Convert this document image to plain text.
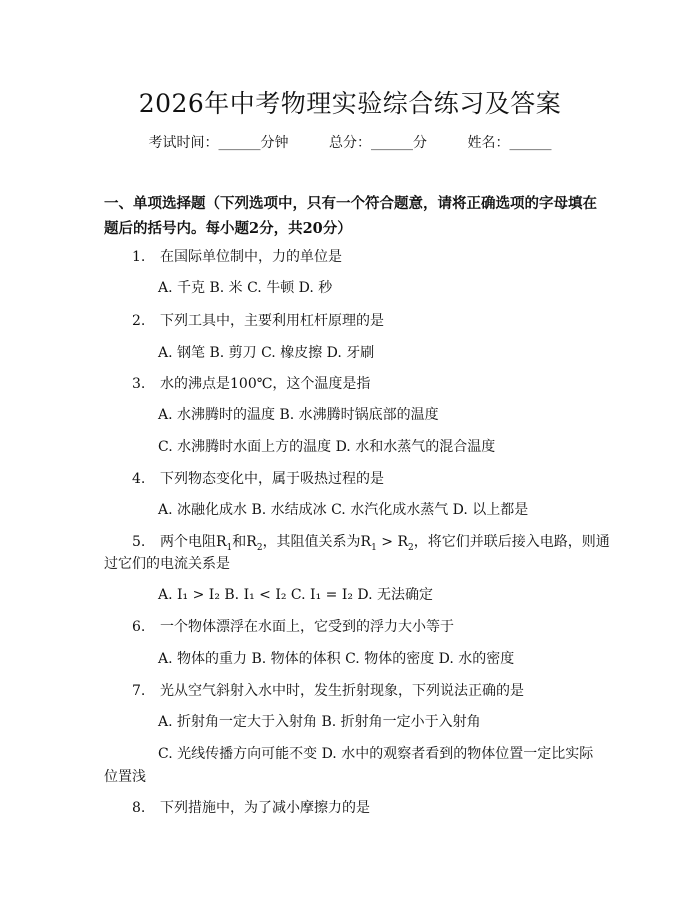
2026年中考物理实验综合练习及答案
考试时间：______分钟	总分：______分	姓名：______
一、单项选择题（下列选项中，只有一个符合题意，请将正确选项的字母填在题后的括号内。每小题2分，共20分）
1. 在国际单位制中，力的单位是
A. 千克 B. 米 C. 牛顿 D. 秒
2. 下列工具中，主要利用杠杆原理的是
A. 钢笔 B. 剪刀 C. 橡皮擦 D. 牙刷
3. 水的沸点是100℃，这个温度是指
A. 水沸腾时的温度 B. 水沸腾时锅底部的温度
C. 水沸腾时水面上方的温度 D. 水和水蒸气的混合温度
4. 下列物态变化中，属于吸热过程的是
A. 冰融化成水 B. 水结成冰 C. 水汽化成水蒸气 D. 以上都是
5. 两个电阻$R_1$和$R_2$，其阻值关系为$R_1 > R_2$，将它们并联后接入电路，则通
过它们的电流关系是
A. I₁ > I₂ B. I₁ < I₂ C. I₁ = I₂ D. 无法确定
6. 一个物体漂浮在水面上，它受到的浮力大小等于
A. 物体的重力 B. 物体的体积 C. 物体的密度 D. 水的密度
7. 光从空气斜射入水中时，发生折射现象，下列说法正确的是
A. 折射角一定大于入射角 B. 折射角一定小于入射角
C. 光线传播方向可能不变 D. 水中的观察者看到的物体位置一定比实际
位置浅
8. 下列措施中，为了减小摩擦力的是
